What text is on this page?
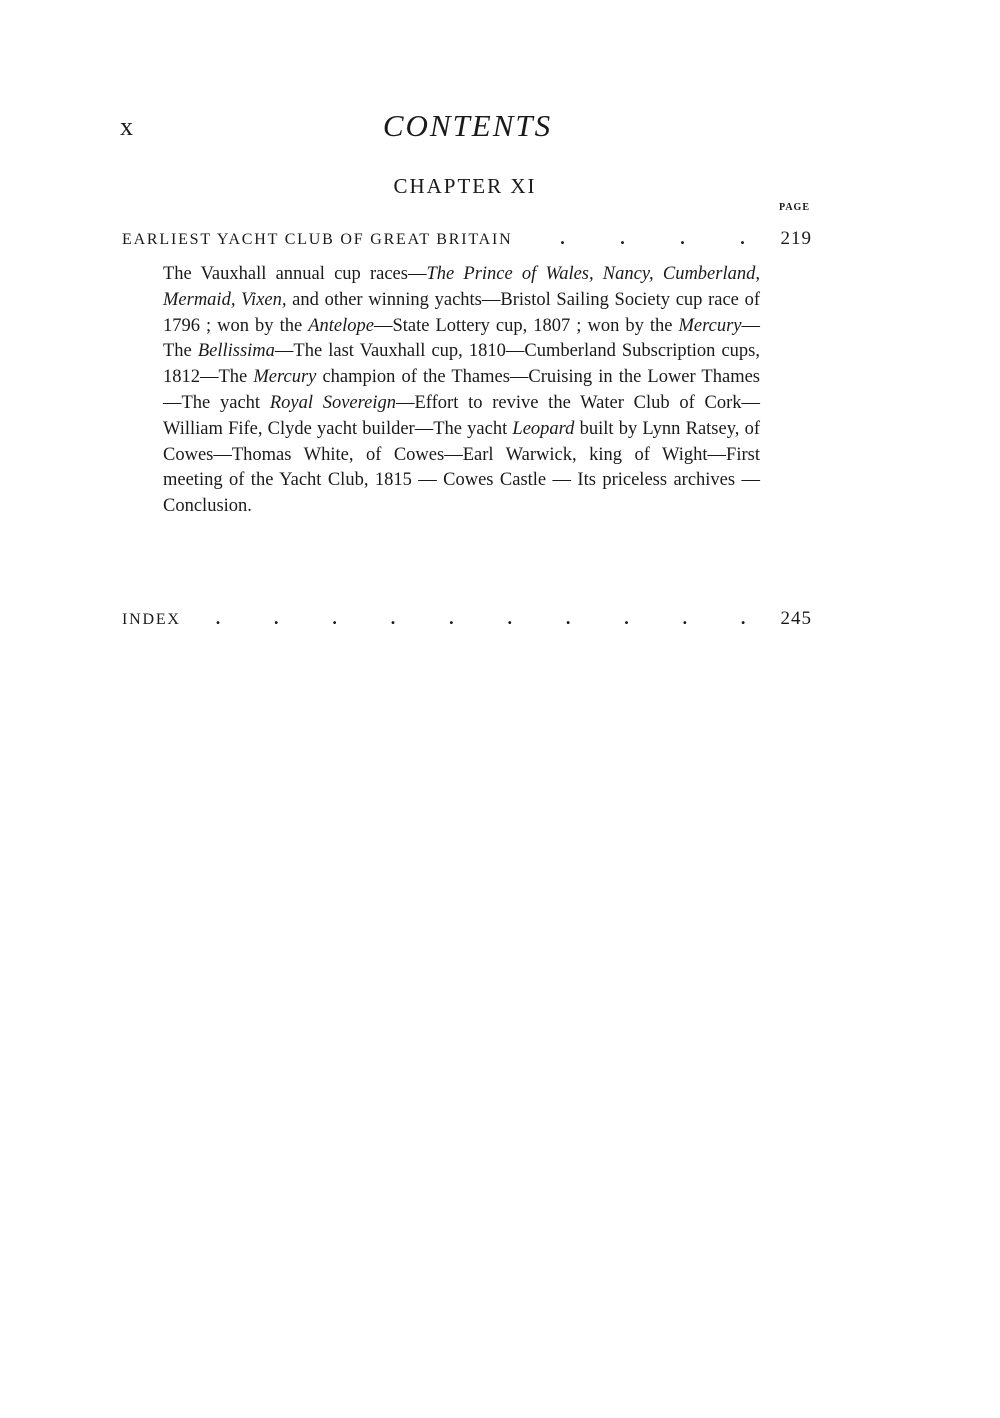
x	CONTENTS
CHAPTER XI
PAGE
EARLIEST YACHT CLUB OF GREAT BRITAIN	.	.	.	. 219
The Vauxhall annual cup races—The Prince of Wales, Nancy, Cumberland, Mermaid, Vixen, and other winning yachts—Bristol Sailing Society cup race of 1796 ; won by the Antelope—State Lottery cup, 1807 ; won by the Mercury—The Bellissima—The last Vauxhall cup, 1810—Cumberland Subscription cups, 1812—The Mercury champion of the Thames—Cruising in the Lower Thames—The yacht Royal Sovereign—Effort to revive the Water Club of Cork—William Fife, Clyde yacht builder—The yacht Leopard built by Lynn Ratsey, of Cowes—Thomas White, of Cowes—Earl Warwick, king of Wight—First meeting of the Yacht Club, 1815 — Cowes Castle — Its priceless archives — Conclusion.
INDEX .	.	.	.	.	.	.	.	.	. 245
